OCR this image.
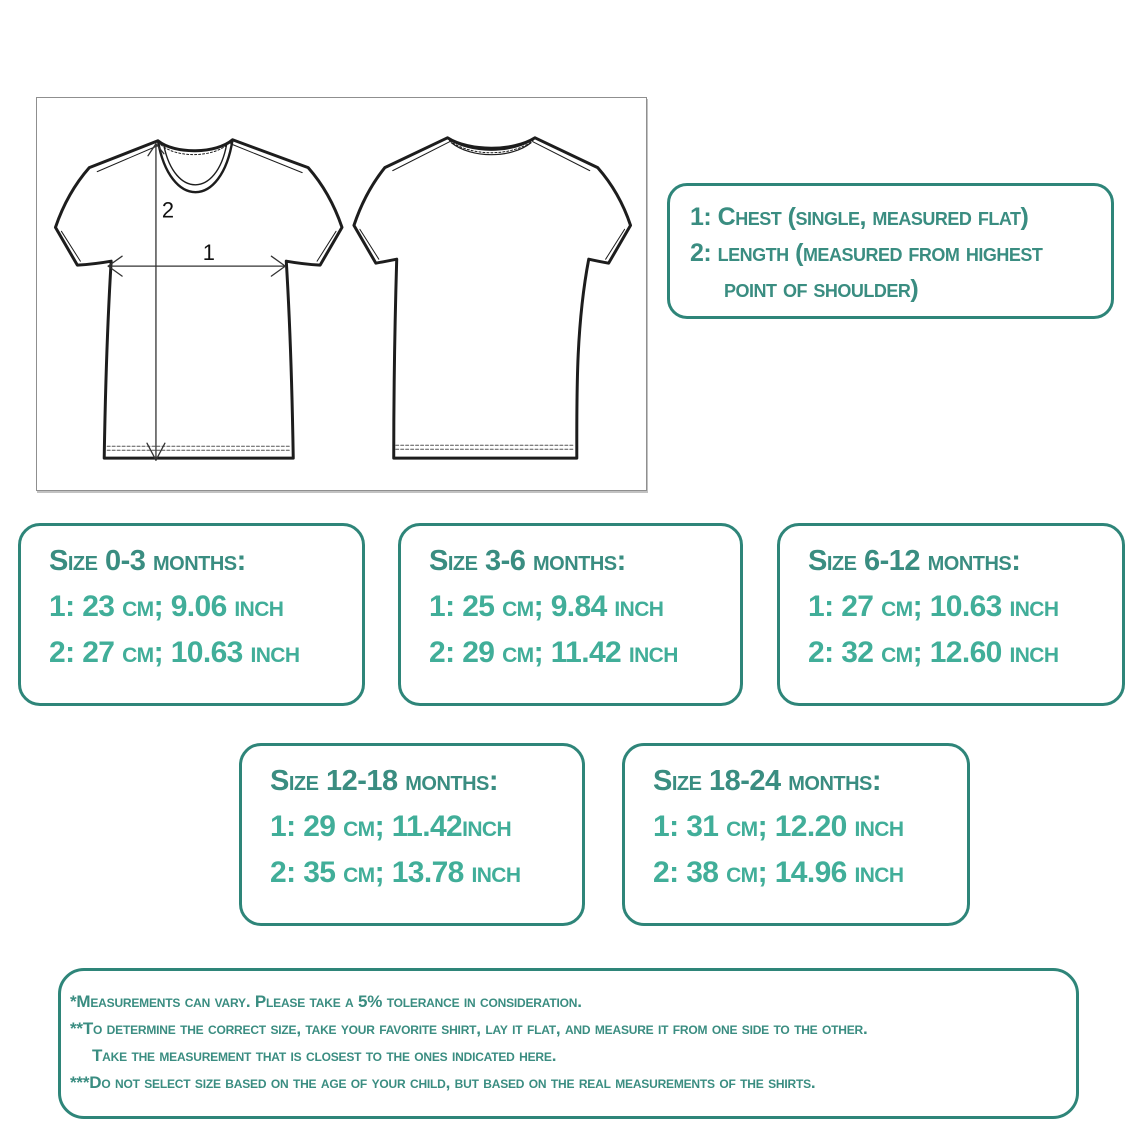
1
2	1: Chest (single, measured flat)
2: length (measured from highest
point of shoulder)
Size 0-3 months:
1: 23 cm; 9.06 inch
2: 27 cm; 10.63 inch
Size 3-6 months:
1: 25 cm; 9.84 inch
2: 29 cm; 11.42 inch
Size 6-12 months:
1: 27 cm; 10.63 inch
2: 32 cm; 12.60 inch
Size 12-18 months:
1: 29 cm; 11.42inch
2: 35 cm; 13.78 inch
Size 18-24 months:
1: 31 cm; 12.20 inch
2: 38 cm; 14.96 inch
*Measurements can vary. Please take a 5% tolerance in consideration.
**To determine the correct size, take your favorite shirt, lay it flat, and measure it from one side to the other.
Take the measurement that is closest to the ones indicated here.
***Do not select size based on the age of your child, but based on the real measurements of the shirts.
